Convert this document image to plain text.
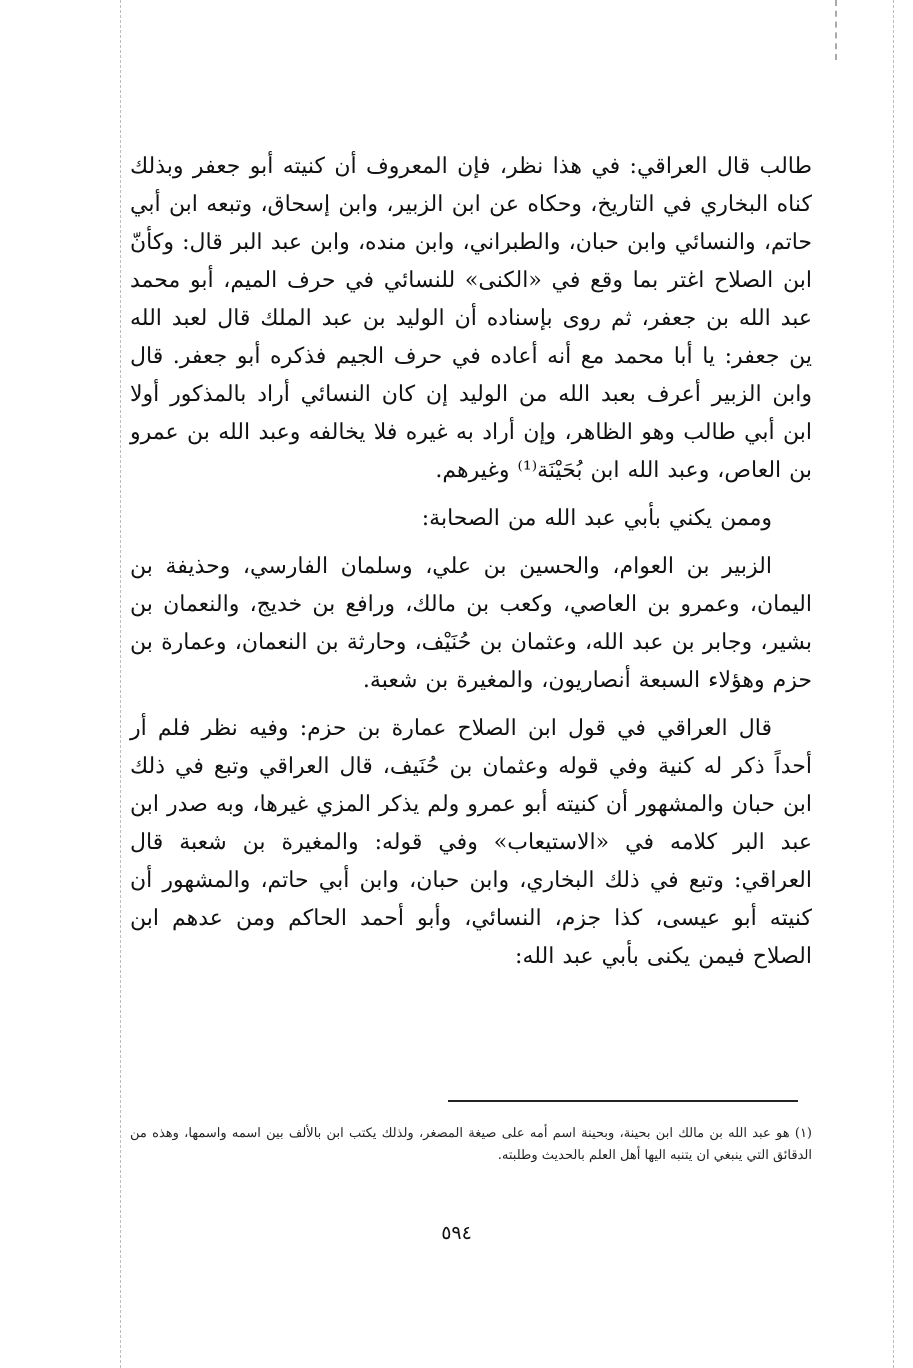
طالب قال العراقي: في هذا نظر، فإن المعروف أن كنيته أبو جعفر وبذلك كناه البخاري في التاريخ، وحكاه عن ابن الزبير، وابن إسحاق، وتبعه ابن أبي حاتم، والنسائي وابن حبان، والطبراني، وابن منده، وابن عبد البر قال: وكأنّ ابن الصلاح اغتر بما وقع في «الكنى» للنسائي في حرف الميم، أبو محمد عبد الله بن جعفر، ثم روى بإسناده أن الوليد بن عبد الملك قال لعبد الله ين جعفر: يا أبا محمد مع أنه أعاده في حرف الجيم فذكره أبو جعفر. قال وابن الزبير أعرف بعبد الله من الوليد إن كان النسائي أراد بالمذكور أولا ابن أبي طالب وهو الظاهر، وإن أراد به غيره فلا يخالفه وعبد الله بن عمرو بن العاص، وعبد الله ابن بُحَيْنَة⁽¹⁾ وغيرهم.

وممن يكني بأبي عبد الله من الصحابة:

الزبير بن العوام، والحسين بن علي، وسلمان الفارسي، وحذيفة بن اليمان، وعمرو بن العاصي، وكعب بن مالك، ورافع بن خديج، والنعمان بن بشير، وجابر بن عبد الله، وعثمان بن حُنَيْف، وحارثة بن النعمان، وعمارة بن حزم وهؤلاء السبعة أنصاريون، والمغيرة بن شعبة.

قال العراقي في قول ابن الصلاح عمارة بن حزم: وفيه نظر فلم أر أحداً ذكر له كنية وفي قوله وعثمان بن حُنَيف، قال العراقي وتبع في ذلك ابن حبان والمشهور أن كنيته أبو عمرو ولم يذكر المزي غيرها، وبه صدر ابن عبد البر كلامه في «الاستيعاب» وفي قوله: والمغيرة بن شعبة قال العراقي: وتبع في ذلك البخاري، وابن حبان، وابن أبي حاتم، والمشهور أن كنيته أبو عيسى، كذا جزم، النسائي، وأبو أحمد الحاكم ومن عدهم ابن الصلاح فيمن يكنى بأبي عبد الله:

(١) هو عبد الله بن مالك ابن بحينة، وبحينة اسم أمه على صيغة المصغر، ولذلك يكتب ابن بالألف بين اسمه واسمها، وهذه من الدقائق التي ينبغي ان يتنبه اليها أهل العلم بالحديث وطلبته.
٥٩٤
